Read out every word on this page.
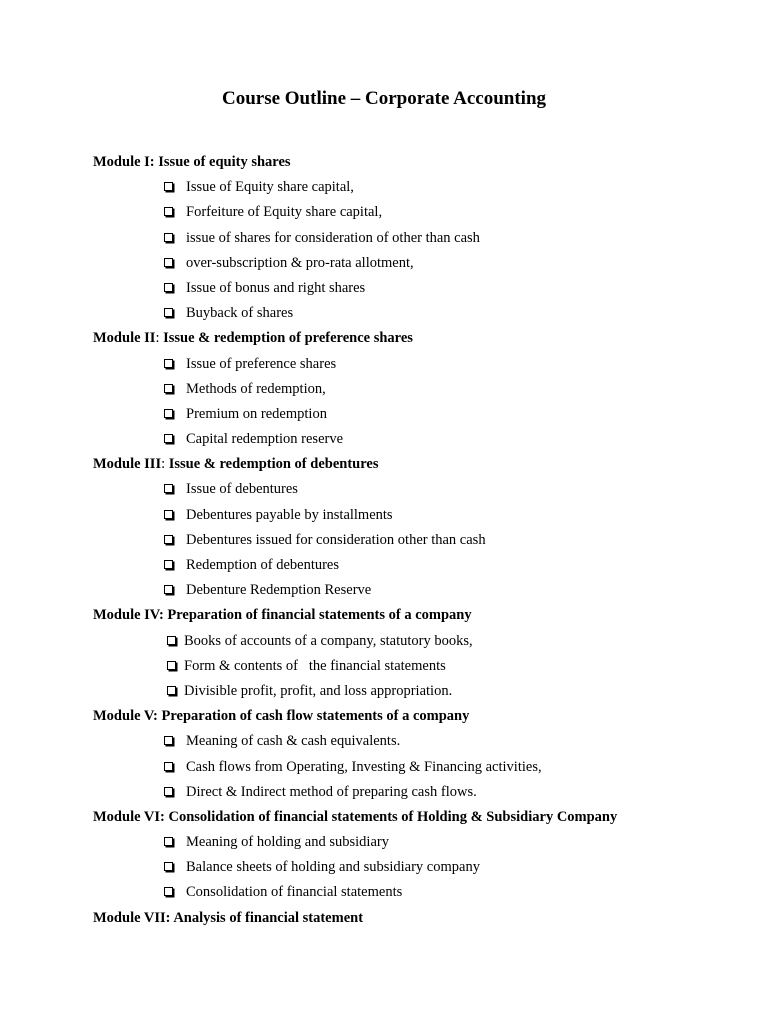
Course Outline – Corporate Accounting
Module I: Issue of equity shares
Issue of Equity share capital,
Forfeiture of Equity share capital,
issue of shares for consideration of other than cash
over-subscription & pro-rata allotment,
Issue of bonus and right shares
Buyback of shares
Module II: Issue & redemption of preference shares
Issue of preference shares
Methods of redemption,
Premium on redemption
Capital redemption reserve
Module III: Issue & redemption of debentures
Issue of debentures
Debentures payable by installments
Debentures issued for consideration other than cash
Redemption of debentures
Debenture Redemption Reserve
Module IV: Preparation of financial statements of a company
Books of accounts of a company, statutory books,
Form & contents of   the financial statements
Divisible profit, profit, and loss appropriation.
Module V: Preparation of cash flow statements of a company
Meaning of cash & cash equivalents.
Cash flows from Operating, Investing & Financing activities,
Direct & Indirect method of preparing cash flows.
Module VI: Consolidation of financial statements of Holding & Subsidiary Company
Meaning of holding and subsidiary
Balance sheets of holding and subsidiary company
Consolidation of financial statements
Module VII: Analysis of financial statement
